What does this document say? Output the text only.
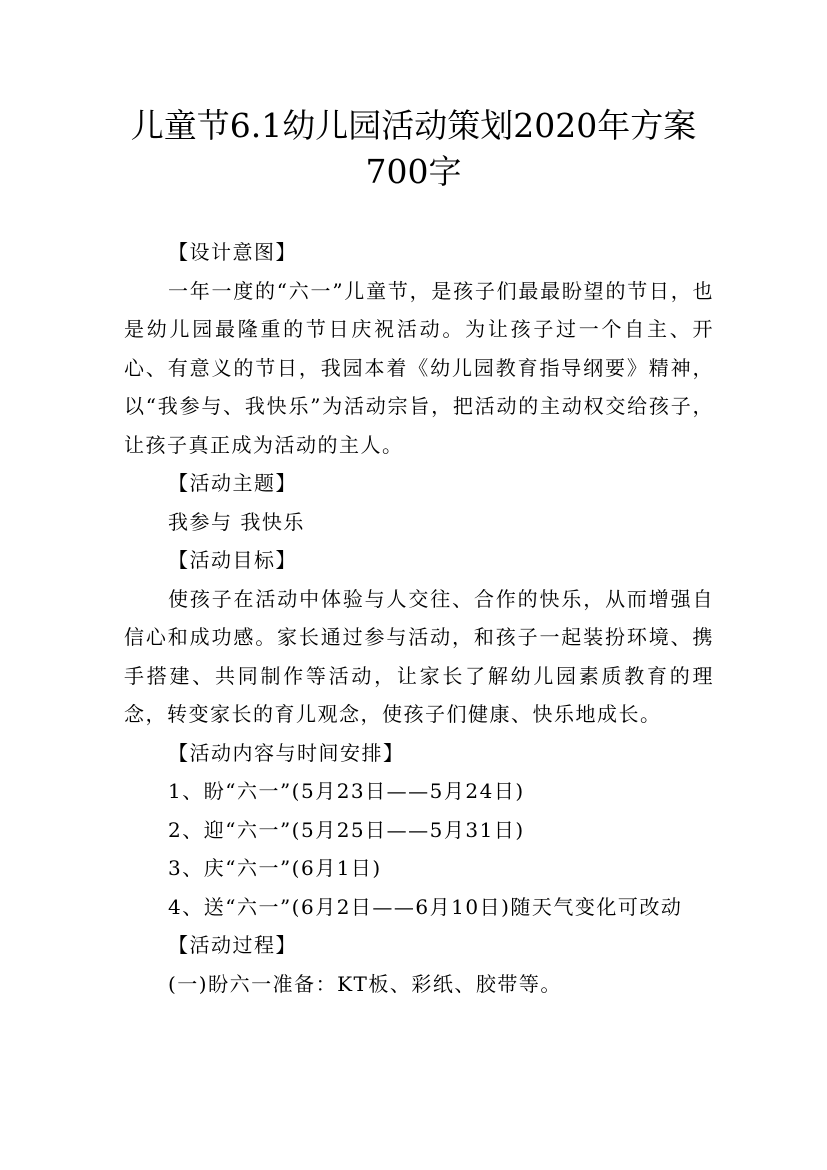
儿童节6.1幼儿园活动策划2020年方案700字

【设计意图】

一年一度的“六一”儿童节，是孩子们最最盼望的节日，也是幼儿园最隆重的节日庆祝活动。为让孩子过一个自主、开心、有意义的节日，我园本着《幼儿园教育指导纲要》精神，以“我参与、我快乐”为活动宗旨，把活动的主动权交给孩子，让孩子真正成为活动的主人。

【活动主题】

我参与 我快乐

【活动目标】

使孩子在活动中体验与人交往、合作的快乐，从而增强自信心和成功感。家长通过参与活动，和孩子一起装扮环境、携手搭建、共同制作等活动，让家长了解幼儿园素质教育的理念，转变家长的育儿观念，使孩子们健康、快乐地成长。

【活动内容与时间安排】

1、盼“六一”(5月23日——5月24日)

2、迎“六一”(5月25日——5月31日)

3、庆“六一”(6月1日)

4、送“六一”(6月2日——6月10日)随天气变化可改动

【活动过程】

(一)盼六一准备：KT板、彩纸、胶带等。
